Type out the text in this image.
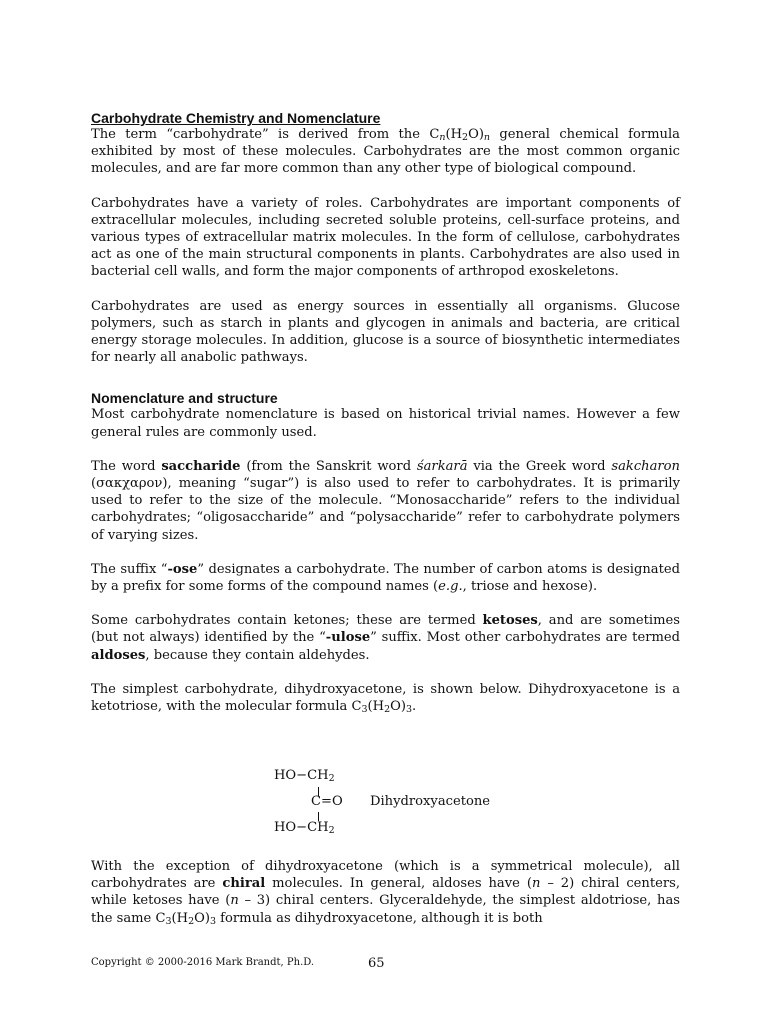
Carbohydrate Chemistry and Nomenclature

The term “carbohydrate” is derived from the $C_n(H_2O)_n$ general chemical formula exhibited by most of these molecules. Carbohydrates are the most common organic molecules, and are far more common than any other type of biological compound.

Carbohydrates have a variety of roles. Carbohydrates are important components of extracellular molecules, including secreted soluble proteins, cell-surface proteins, and various types of extracellular matrix molecules. In the form of cellulose, carbohydrates act as one of the main structural components in plants. Carbohydrates are also used in bacterial cell walls, and form the major components of arthropod exoskeletons.

Carbohydrates are used as energy sources in essentially all organisms. Glucose polymers, such as starch in plants and glycogen in animals and bacteria, are critical energy storage molecules. In addition, glucose is a source of biosynthetic intermediates for nearly all anabolic pathways.

Nomenclature and structure

Most carbohydrate nomenclature is based on historical trivial names. However a few general rules are commonly used.

The word saccharide (from the Sanskrit word śarkarā via the Greek word sakcharon (σακχαρον), meaning “sugar”) is also used to refer to carbohydrates. It is primarily used to refer to the size of the molecule. “Monosaccharide” refers to the individual carbohydrates; “oligosaccharide” and “polysaccharide” refer to carbohydrate polymers of varying sizes.

The suffix “-ose” designates a carbohydrate. The number of carbon atoms is designated by a prefix for some forms of the compound names (e.g., triose and hexose).

Some carbohydrates contain ketones; these are termed ketoses, and are sometimes (but not always) identified by the “-ulose” suffix. Most other carbohydrates are termed aldoses, because they contain aldehydes.

The simplest carbohydrate, dihydroxyacetone, is shown below. Dihydroxyacetone is a ketotriose, with the molecular formula $C_3(H_2O)_3$.

$HO-CH_2$
C=O Dihydroxyacetone
$HO-CH_2$

With the exception of dihydroxyacetone (which is a symmetrical molecule), all carbohydrates are chiral molecules. In general, aldoses have (n – 2) chiral centers, while ketoses have (n – 3) chiral centers. Glyceraldehyde, the simplest aldotriose, has the same $C_3(H_2O)_3$ formula as dihydroxyacetone, although it is both

Copyright © 2000-2016 Mark Brandt, Ph.D.	65
